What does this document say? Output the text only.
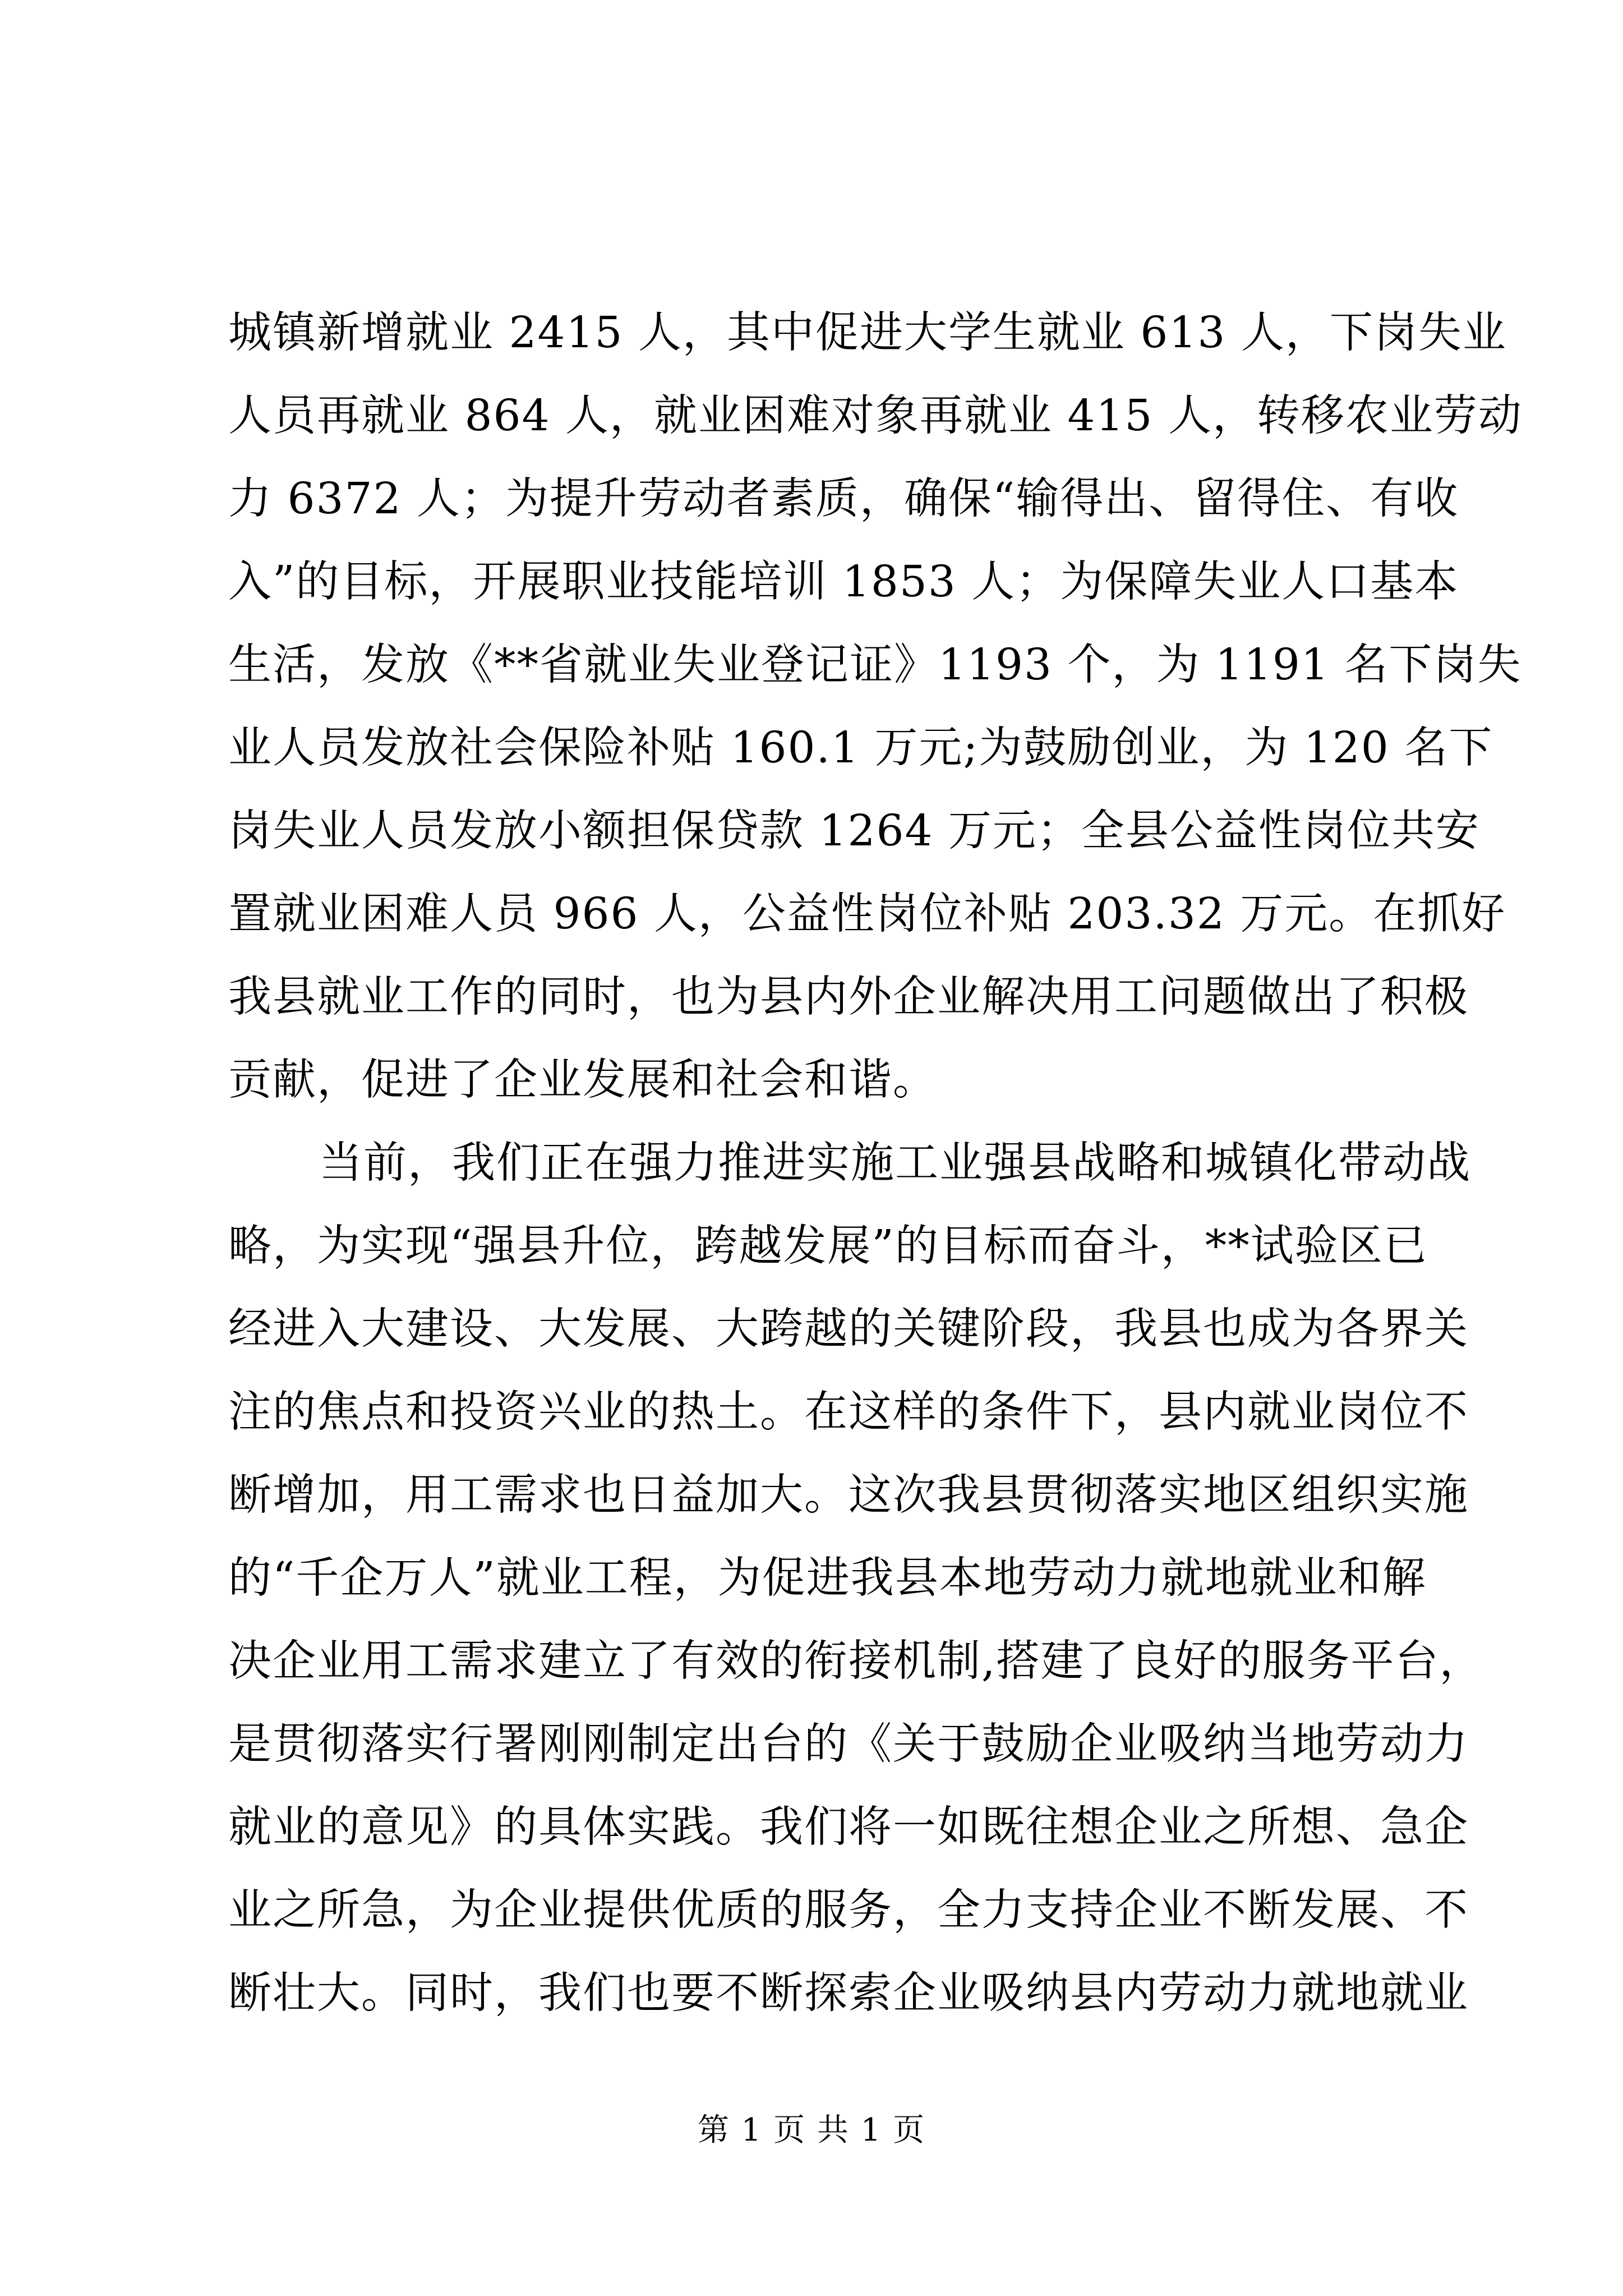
城镇新增就业 2415 人，其中促进大学生就业 613 人，下岗失业
人员再就业 864 人，就业困难对象再就业 415 人，转移农业劳动
力 6372 人；为提升劳动者素质，确保“输得出、留得住、有收
入”的目标，开展职业技能培训 1853 人；为保障失业人口基本
生活，发放《**省就业失业登记证》1193 个，为 1191 名下岗失
业人员发放社会保险补贴 160.1 万元;为鼓励创业，为 120 名下
岗失业人员发放小额担保贷款 1264 万元；全县公益性岗位共安
置就业困难人员 966 人，公益性岗位补贴 203.32 万元。在抓好
我县就业工作的同时，也为县内外企业解决用工问题做出了积极
贡献，促进了企业发展和社会和谐。

当前，我们正在强力推进实施工业强县战略和城镇化带动战
略，为实现“强县升位，跨越发展”的目标而奋斗，**试验区已
经进入大建设、大发展、大跨越的关键阶段，我县也成为各界关
注的焦点和投资兴业的热土。在这样的条件下，县内就业岗位不
断增加，用工需求也日益加大。这次我县贯彻落实地区组织实施
的“千企万人”就业工程，为促进我县本地劳动力就地就业和解
决企业用工需求建立了有效的衔接机制,搭建了良好的服务平台，
是贯彻落实行署刚刚制定出台的《关于鼓励企业吸纳当地劳动力
就业的意见》的具体实践。我们将一如既往想企业之所想、急企
业之所急，为企业提供优质的服务，全力支持企业不断发展、不
断壮大。同时，我们也要不断探索企业吸纳县内劳动力就地就业

第 1 页 共 1 页
